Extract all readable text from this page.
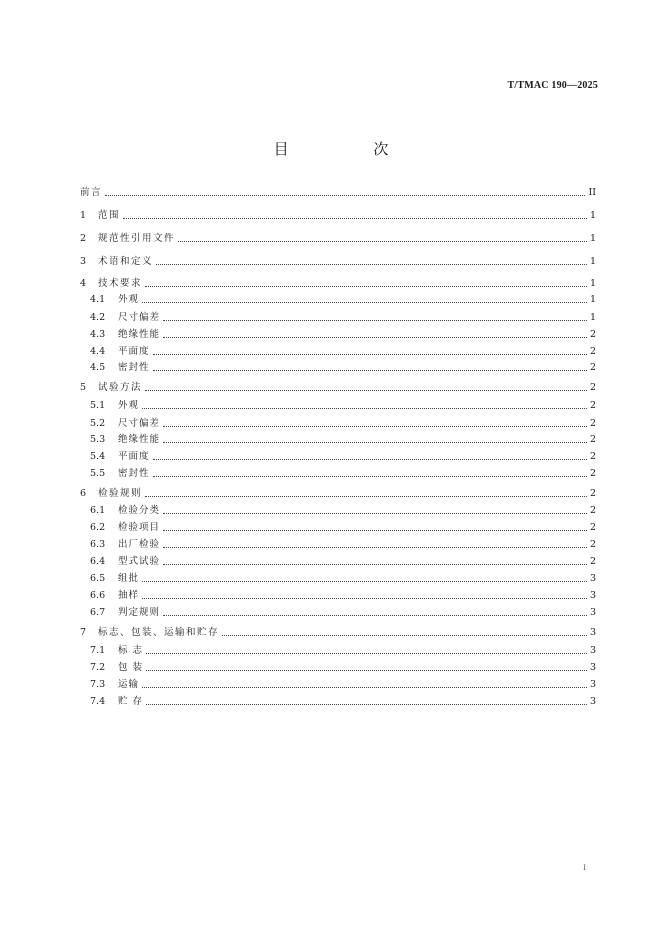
T/TMAC 190—2025
目 次
前言	II
1	范围	1
2	规范性引用文件	1
3	术语和定义	1
4	技术要求	1
4.1	外观	1
4.2	尺寸偏差	1
4.3	绝缘性能	2
4.4	平面度	2
4.5	密封性	2
5	试验方法	2
5.1	外观	2
5.2	尺寸偏差	2
5.3	绝缘性能	2
5.4	平面度	2
5.5	密封性	2
6	检验规则	2
6.1	检验分类	2
6.2	检验项目	2
6.3	出厂检验	2
6.4	型式试验	2
6.5	组批	3
6.6	抽样	3
6.7	判定规则	3
7	标志、包装、运输和贮存	3
7.1	标 志	3
7.2	包 装	3
7.3	运输	3
7.4	贮 存	3
I
